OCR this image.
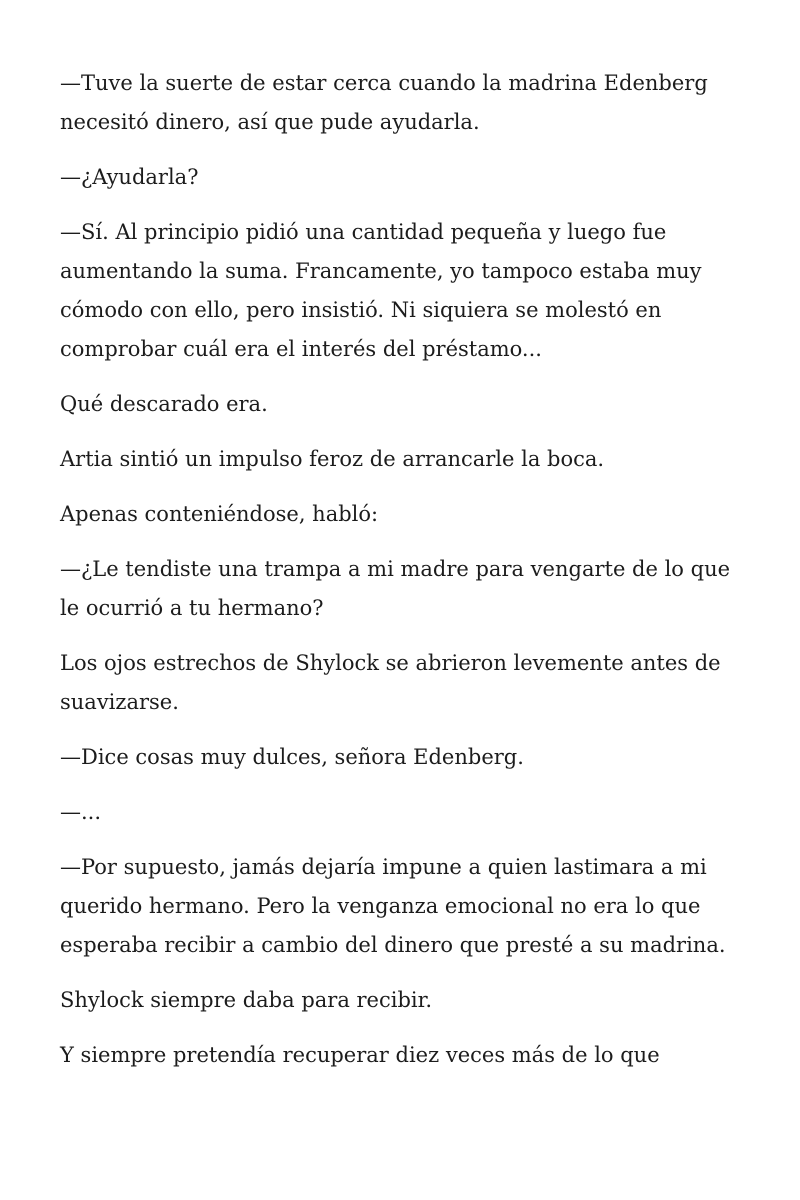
—Tuve la suerte de estar cerca cuando la madrina Edenberg necesitó dinero, así que pude ayudarla.

—¿Ayudarla?

—Sí. Al principio pidió una cantidad pequeña y luego fue aumentando la suma. Francamente, yo tampoco estaba muy cómodo con ello, pero insistió. Ni siquiera se molestó en comprobar cuál era el interés del préstamo...

Qué descarado era.

Artia sintió un impulso feroz de arrancarle la boca.

Apenas conteniéndose, habló:

—¿Le tendiste una trampa a mi madre para vengarte de lo que le ocurrió a tu hermano?

Los ojos estrechos de Shylock se abrieron levemente antes de suavizarse.

—Dice cosas muy dulces, señora Edenberg.

—...

—Por supuesto, jamás dejaría impune a quien lastimara a mi querido hermano. Pero la venganza emocional no era lo que esperaba recibir a cambio del dinero que presté a su madrina.

Shylock siempre daba para recibir.

Y siempre pretendía recuperar diez veces más de lo que
